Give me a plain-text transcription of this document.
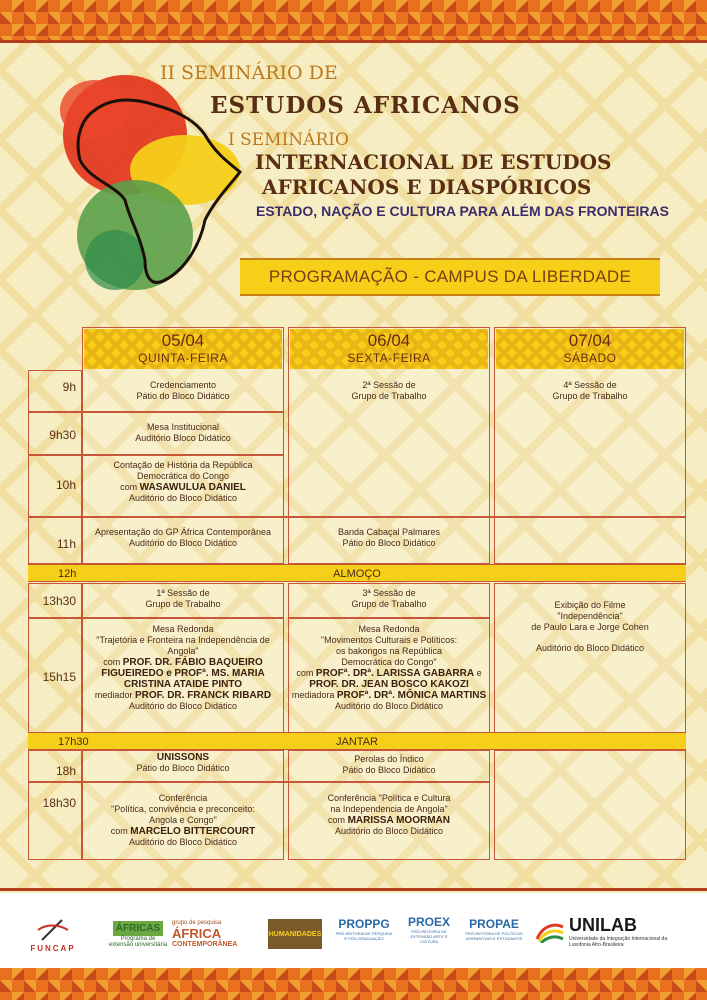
II SEMINÁRIO DE
ESTUDOS AFRICANOS
I SEMINÁRIO
INTERNACIONAL DE ESTUDOS
AFRICANOS E DIASPÓRICOS
ESTADO, NAÇÃO E CULTURA PARA ALÉM DAS FRONTEIRAS
PROGRAMAÇÃO - CAMPUS DA LIBERDADE
05/04
QUINTA-FEIRA
06/04
SEXTA-FEIRA
07/04
SÁBADO
9h
9h30
10h
11h
13h30
15h15
18h
18h30
ALMOÇO
12h
JANTAR
17h30
Credenciamento
Pátio do Bloco Didático
Mesa Institucional
Auditório Bloco Didático
Contação de História da República
Democrática do Congo
com WASAWULUA DANIEL
Auditório do Bloco Didático
Apresentação do GP África Contemporânea
Auditório do Bloco Didático
1ª Sessão de
Grupo de Trabalho
Mesa Redonda
"Trajetória e Fronteira na Independência de
Angola"
com PROF. DR. FÁBIO BAQUEIRO
FIGUEIREDO e PROFª. MS. MARIA
CRISTINA ATAIDE PINTO
mediador PROF. DR. FRANCK RIBARD
Auditório do Bloco Didático
UNISSONS
Pátio do Bloco Didático
Conferência
"Política, convivência e preconceito:
Angola e Congo"
com MARCELO BITTERCOURT
Auditório do Bloco Didático
2ª Sessão de
Grupo de Trabalho
Banda Cabaçal Palmares
Pátio do Bloco Didático
3ª Sessão de
Grupo de Trabalho
Mesa Redonda
"Movimentos Culturais e Políticos:
os bakongos na República
Democrática do Congo"
com PROFª. DRª. LARISSA GABARRA e
PROF. DR. JEAN BOSCO KAKOZI
mediadora PROFª. DRª. MÔNICA MARTINS
Auditório do Bloco Didático
Perolas do Índico
Pátio do Bloco Didático
Conferência "Política e Cultura
na Independencia de Angola"
com MARISSA MOORMAN
Auditório do Bloco Didático
4ª Sessão de
Grupo de Trabalho
Exibição do Filme
"Independência"
de Paulo Lara e Jorge Cohen
Auditório do Bloco Didático
FUNCAP
ÁFRICAS
Programa de extensão universitária
grupo de pesquisa
ÁFRICA
CONTEMPORÂNEA
HUMANIDADES
PROPPG
PRÓ-REITORIA DE PESQUISA E PÓS-GRADUAÇÃO
PROEX
PRÓ-REITORIA DE EXTENSÃO ARTE E CULTURA
PROPAE
PRÓ-REITORIA DE POLÍTICAS AFIRMATIVAS E ESTUDANTIS
UNILAB
Universidade da Integração Internacional da Lusofonia Afro-Brasileira
